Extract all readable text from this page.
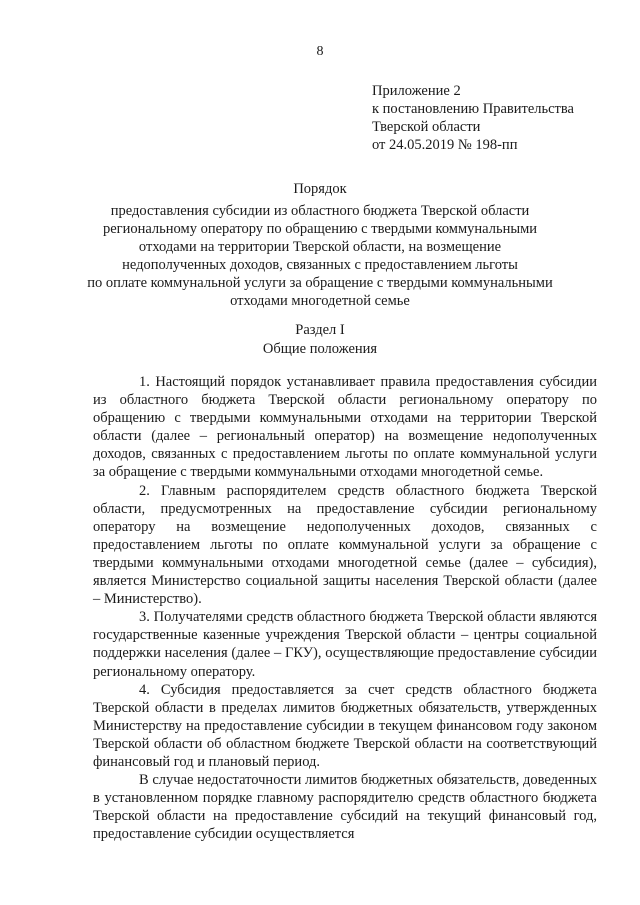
8
Приложение 2
к постановлению Правительства
Тверской области
от 24.05.2019 № 198-пп
Порядок
предоставления субсидии из областного бюджета Тверской области
региональному оператору по обращению с твердыми коммунальными
отходами на территории Тверской области, на возмещение
недополученных доходов, связанных с предоставлением льготы
по оплате коммунальной услуги за обращение с твердыми коммунальными
отходами многодетной семье
Раздел I
Общие положения

1. Настоящий порядок устанавливает правила предоставления субсидии из областного бюджета Тверской области региональному оператору по обращению с твердыми коммунальными отходами на территории Тверской области (далее – региональный оператор) на возмещение недополученных доходов, связанных с предоставлением льготы по оплате коммунальной услуги за обращение с твердыми коммунальными отходами многодетной семье.

2. Главным распорядителем средств областного бюджета Тверской области, предусмотренных на предоставление субсидии региональному оператору на возмещение недополученных доходов, связанных с предоставлением льготы по оплате коммунальной услуги за обращение с твердыми коммунальными отходами многодетной семье (далее – субсидия), является Министерство социальной защиты населения Тверской области (далее – Министерство).

3. Получателями средств областного бюджета Тверской области являются государственные казенные учреждения Тверской области – центры социальной поддержки населения (далее – ГКУ), осуществляющие предоставление субсидии региональному оператору.

4. Субсидия предоставляется за счет средств областного бюджета Тверской области в пределах лимитов бюджетных обязательств, утвержденных Министерству на предоставление субсидии в текущем финансовом году законом Тверской области об областном бюджете Тверской области на соответствующий финансовый год и плановый период.

В случае недостаточности лимитов бюджетных обязательств, доведенных в установленном порядке главному распорядителю средств областного бюджета Тверской области на предоставление субсидий на текущий финансовый год, предоставление субсидии осуществляется
